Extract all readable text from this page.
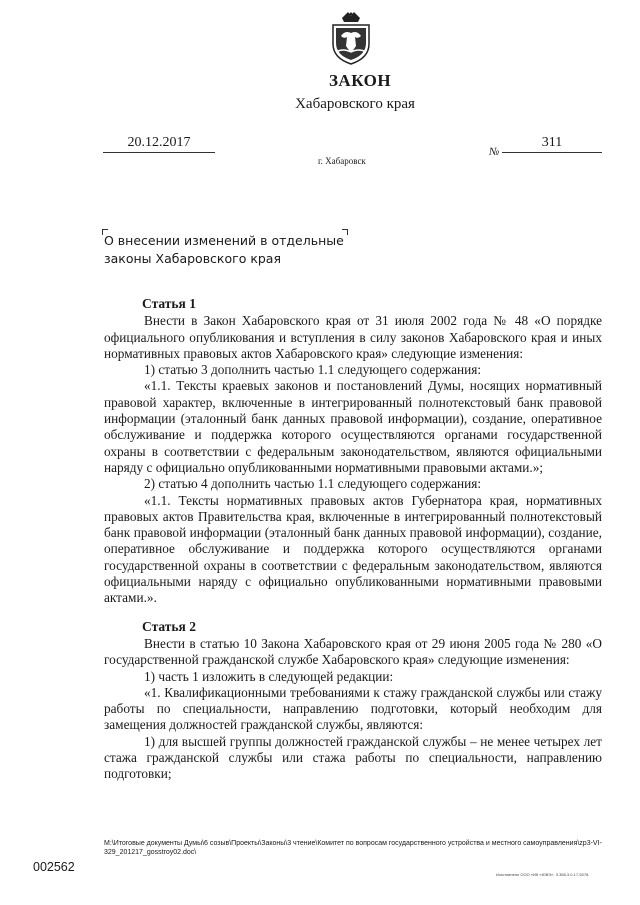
ЗАКОН
Хабаровского края
20.12.2017
г. Хабаровск
№
311

О внесении изменений в отдельные

законы Хабаровского края

Статья 1

Внести в Закон Хабаровского края от 31 июля 2002 года № 48 «О порядке официального опубликования и вступления в силу законов Хабаровского края и иных нормативных правовых актов Хабаровского края» следующие изменения:

1) статью 3 дополнить частью 1.1 следующего содержания:

«1.1. Тексты краевых законов и постановлений Думы, носящих нормативный правовой характер, включенные в интегрированный полнотекстовый банк правовой информации (эталонный банк данных правовой информации), создание, оперативное обслуживание и поддержка которого осуществляются органами государственной охраны в соответствии с федеральным законодательством, являются официальными наряду с официально опубликованными нормативными правовыми актами.»;

2) статью 4 дополнить частью 1.1 следующего содержания:

«1.1. Тексты нормативных правовых актов Губернатора края, нормативных правовых актов Правительства края, включенные в интегрированный полнотекстовый банк правовой информации (эталонный банк данных правовой информации), создание, оперативное обслуживание и поддержка которого осуществляются органами государственной охраны в соответствии с федеральным законодательством, являются официальными наряду с официально опубликованными нормативными правовыми актами.».

Статья 2

Внести в статью 10 Закона Хабаровского края от 29 июня 2005 года № 280 «О государственной гражданской службе Хабаровского края» следующие изменения:

1) часть 1 изложить в следующей редакции:

«1. Квалификационными требованиями к стажу гражданской службы или стажу работы по специальности, направлению подготовки, который необходим для замещения должностей гражданской службы, являются:

1) для высшей группы должностей гражданской службы – не менее четырех лет стажа гражданской службы или стажа работы по специальности, направлению подготовки;

M:\Итоговые документы Думы\6 созыв\Проекты\Законы\3 чтение\Комитет по вопросам государственного устройства и местного самоуправления\zp3-VI-329_201217_gosstroy02.doc\
002562
Изготовлено ООО «ИК «ЮВЭ». З.366.3.0.17-5078.
